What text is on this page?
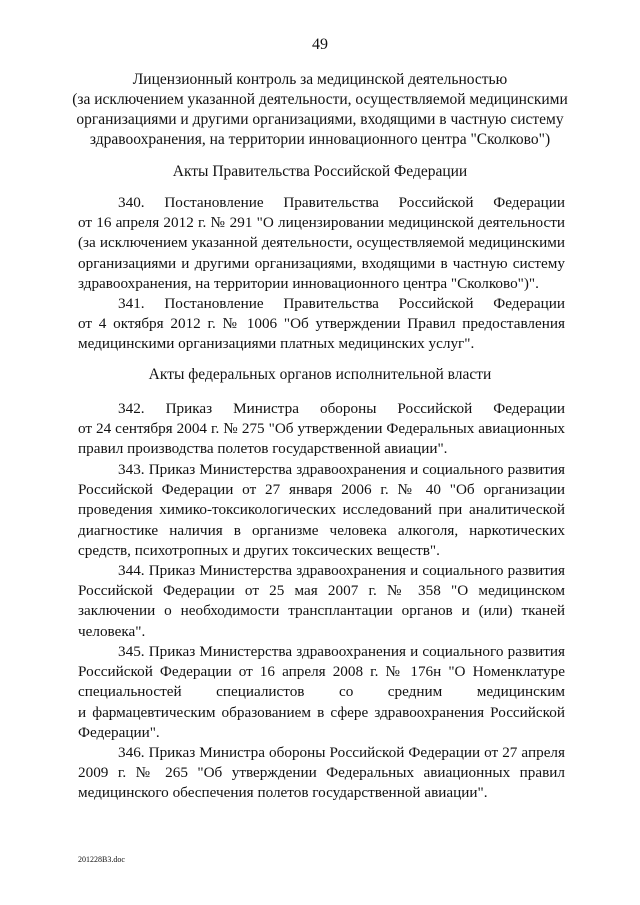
49
Лицензионный контроль за медицинской деятельностью
(за исключением указанной деятельности, осуществляемой медицинскими
организациями и другими организациями, входящими в частную систему
здравоохранения, на территории инновационного центра "Сколково")
Акты Правительства Российской Федерации
340. Постановление Правительства Российской Федерации
от 16 апреля 2012 г. № 291 "О лицензировании медицинской деятельности
(за исключением указанной деятельности, осуществляемой медицинскими
организациями и другими организациями, входящими в частную систему
здравоохранения, на территории инновационного центра "Сколково")".
341. Постановление Правительства Российской Федерации
от 4 октября 2012 г. № 1006 "Об утверждении Правил предоставления
медицинскими организациями платных медицинских услуг".
Акты федеральных органов исполнительной власти
342. Приказ Министра обороны Российской Федерации
от 24 сентября 2004 г. № 275 "Об утверждении Федеральных авиационных
правил производства полетов государственной авиации".
343. Приказ Министерства здравоохранения и социального развития
Российской Федерации от 27 января 2006 г. № 40 "Об организации
проведения химико-токсикологических исследований при аналитической
диагностике наличия в организме человека алкоголя, наркотических
средств, психотропных и других токсических веществ".
344. Приказ Министерства здравоохранения и социального развития
Российской Федерации от 25 мая 2007 г. № 358 "О медицинском
заключении о необходимости трансплантации органов и (или) тканей
человека".
345. Приказ Министерства здравоохранения и социального развития
Российской Федерации от 16 апреля 2008 г. № 176н "О Номенклатуре
специальностей специалистов со средним медицинским
и фармацевтическим образованием в сфере здравоохранения Российской
Федерации".
346. Приказ Министра обороны Российской Федерации от 27 апреля
2009 г. № 265 "Об утверждении Федеральных авиационных правил
медицинского обеспечения полетов государственной авиации".
201228B3.doc
